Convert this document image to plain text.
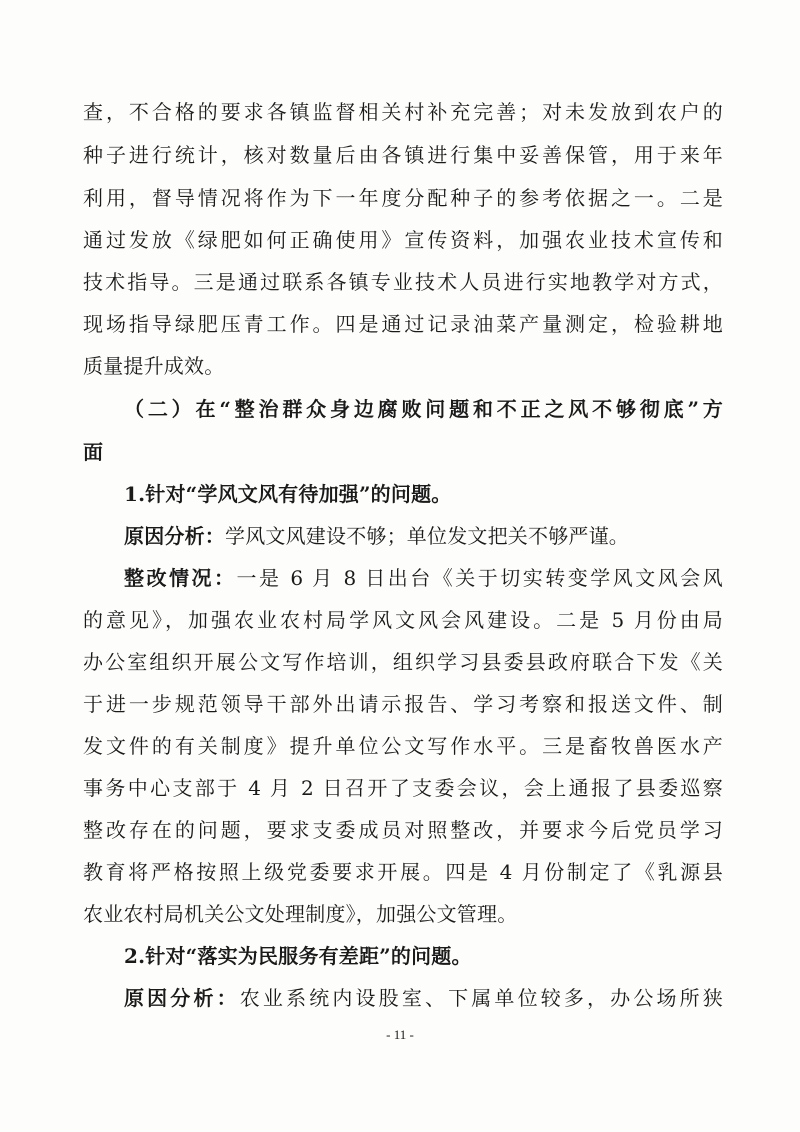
查，不合格的要求各镇监督相关村补充完善；对未发放到农户的
种子进行统计，核对数量后由各镇进行集中妥善保管，用于来年
利用，督导情况将作为下一年度分配种子的参考依据之一。二是
通过发放《绿肥如何正确使用》宣传资料，加强农业技术宣传和
技术指导。三是通过联系各镇专业技术人员进行实地教学对方式，
现场指导绿肥压青工作。四是通过记录油菜产量测定，检验耕地
质量提升成效。
（二）在“整治群众身边腐败问题和不正之风不够彻底”方
面
1.针对“学风文风有待加强”的问题。
原因分析：学风文风建设不够；单位发文把关不够严谨。
整改情况：一是 6 月 8 日出台《关于切实转变学风文风会风
的意见》，加强农业农村局学风文风会风建设。二是 5 月份由局
办公室组织开展公文写作培训，组织学习县委县政府联合下发《关
于进一步规范领导干部外出请示报告、学习考察和报送文件、制
发文件的有关制度》提升单位公文写作水平。三是畜牧兽医水产
事务中心支部于 4 月 2 日召开了支委会议，会上通报了县委巡察
整改存在的问题，要求支委成员对照整改，并要求今后党员学习
教育将严格按照上级党委要求开展。四是 4 月份制定了《乳源县
农业农村局机关公文处理制度》，加强公文管理。
2.针对“落实为民服务有差距”的问题。
原因分析：农业系统内设股室、下属单位较多，办公场所狭
- 11 -
